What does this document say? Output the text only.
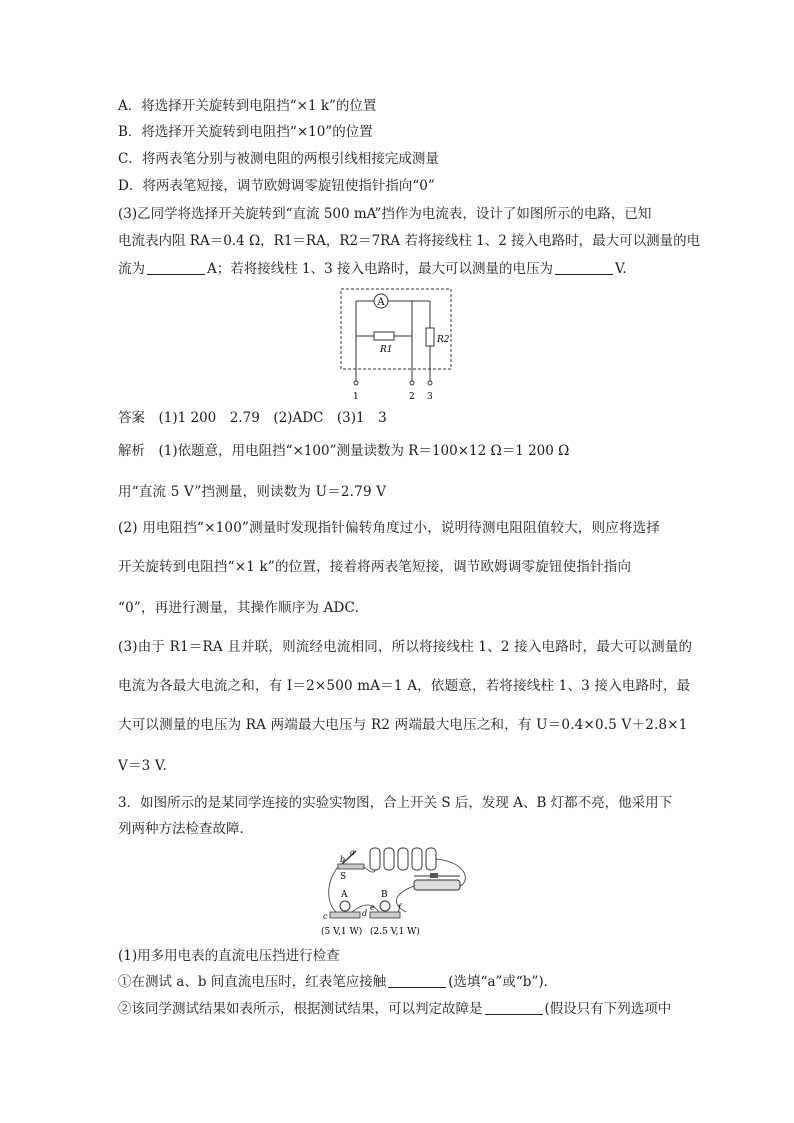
A．将选择开关旋转到电阻挡“×1 k”的位置
B．将选择开关旋转到电阻挡“×10”的位置
C．将两表笔分别与被测电阻的两根引线相接完成测量
D．将两表笔短接，调节欧姆调零旋钮使指针指向“0”
(3)乙同学将选择开关旋转到“直流 500 mA”挡作为电流表，设计了如图所示的电路，已知
电流表内阻 RA＝0.4 Ω，R1＝RA，R2＝7RA 若将接线柱 1、2 接入电路时，最大可以测量的电
流为	A；若将接线柱 1、3 接入电路时，最大可以测量的电压为	V.
A
R1
R2
1	2 3
答案　(1)1 200　2.79　(2)ADC　(3)1　3
解析　(1)依题意，用电阻挡“×100”测量读数为 R＝100×12 Ω＝1 200 Ω
用“直流 5 V”挡测量，则读数为 U＝2.79 V
(2) 用电阻挡“×100”测量时发现指针偏转角度过小，说明待测电阻阻值较大，则应将选择
开关旋转到电阻挡“×1 k”的位置，接着将两表笔短接，调节欧姆调零旋钮使指针指向
“0”，再进行测量，其操作顺序为 ADC.
(3)由于 R1＝RA 且并联，则流经电流相同，所以将接线柱 1、2 接入电路时，最大可以测量的
电流为各最大电流之和，有 I＝2×500 mA＝1 A，依题意，若将接线柱 1、3 接入电路时，最
大可以测量的电压为 RA 两端最大电压与 R2 两端最大电压之和，有 U＝0.4×0.5 V＋2.8×1
V＝3 V.
3．如图所示的是某同学连接的实验实物图，合上开关 S 后，发现 A、B 灯都不亮，他采用下
列两种方法检查故障．
a
b
S
A
c	d
B
e	f
(5 V,1 W) (2.5 V,1 W)
(1)用多用电表的直流电压挡进行检查
①在测试 a、b 间直流电压时，红表笔应接触	(选填“a”或“b”)．
②该同学测试结果如表所示，根据测试结果，可以判定故障是	(假设只有下列选项中
